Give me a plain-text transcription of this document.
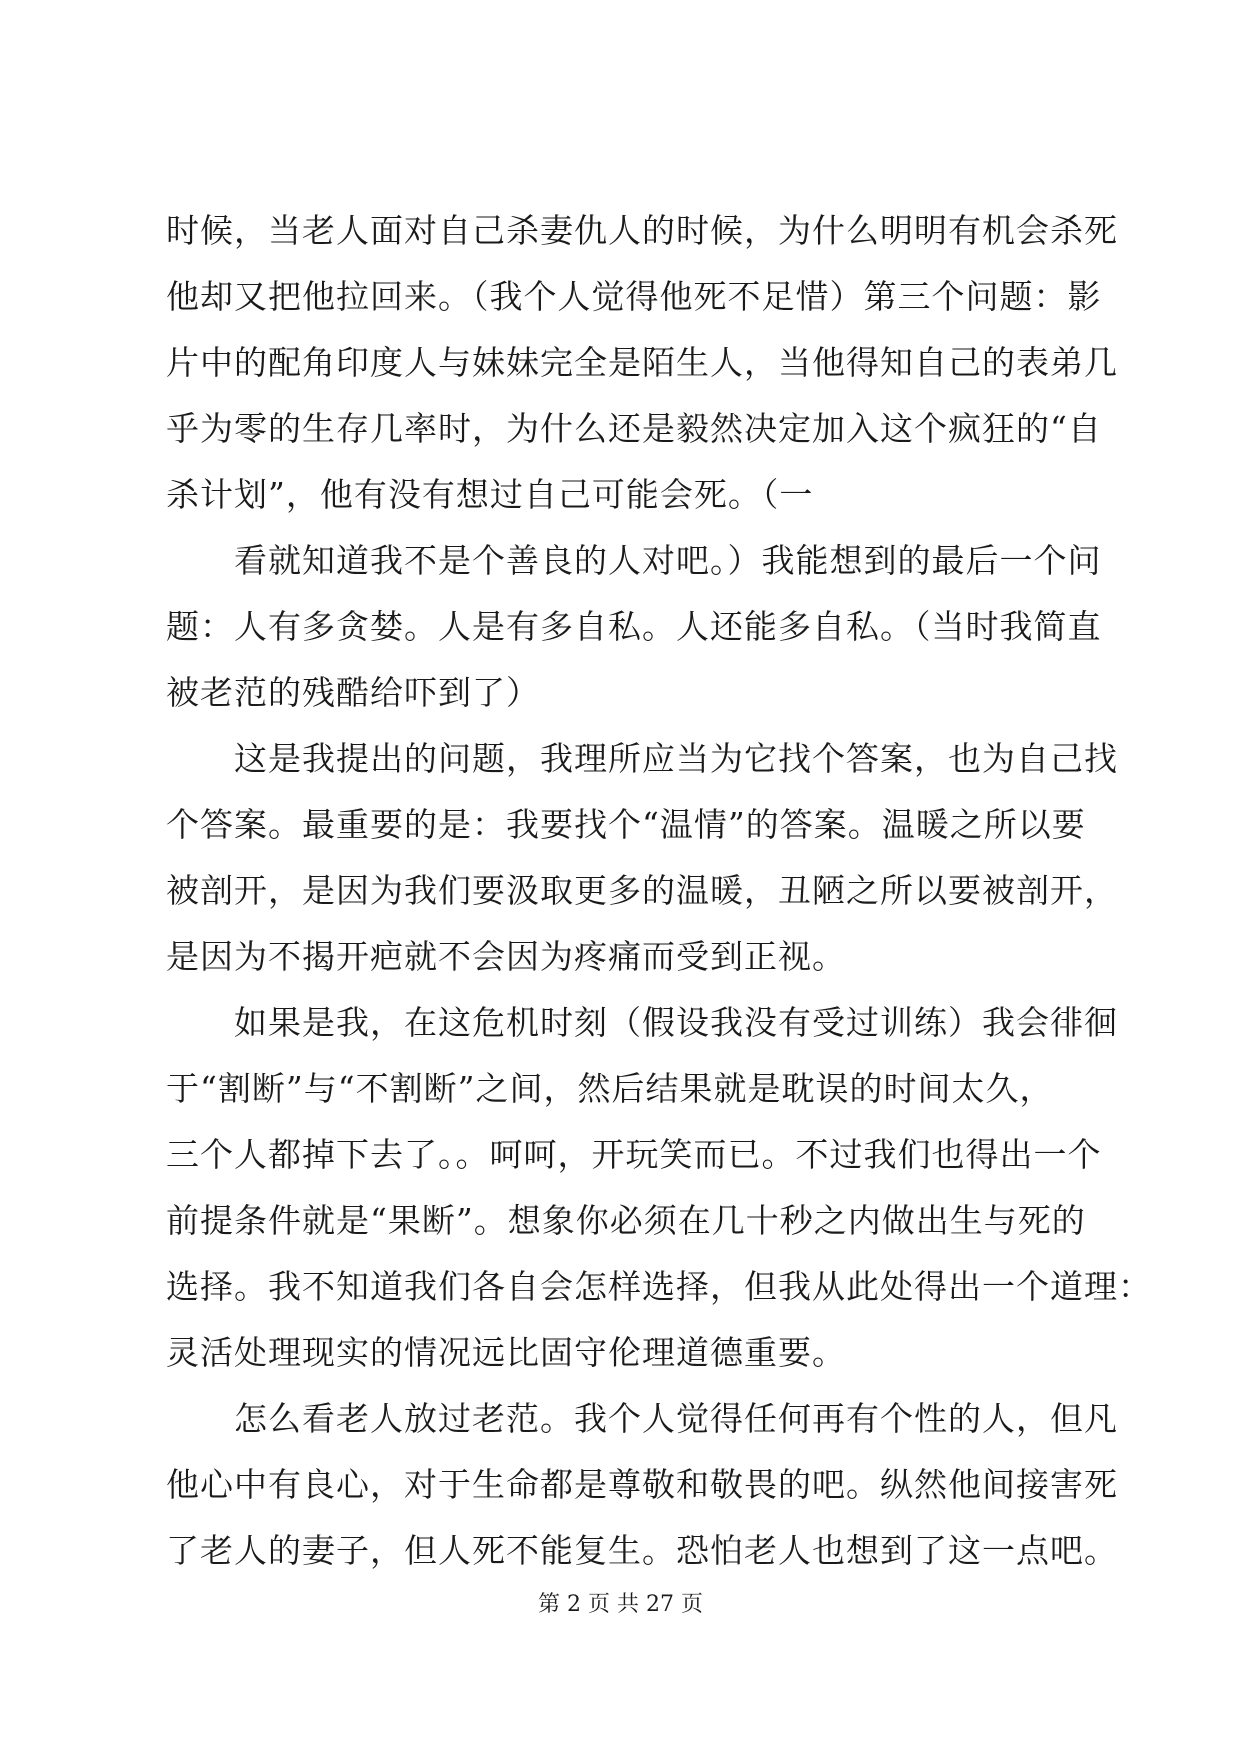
时候，当老人面对自己杀妻仇人的时候，为什么明明有机会杀死
他却又把他拉回来。（我个人觉得他死不足惜）第三个问题：影
片中的配角印度人与妹妹完全是陌生人，当他得知自己的表弟几
乎为零的生存几率时，为什么还是毅然决定加入这个疯狂的“自
杀计划”，他有没有想过自己可能会死。（一
　　看就知道我不是个善良的人对吧。）我能想到的最后一个问
题：人有多贪婪。人是有多自私。人还能多自私。（当时我简直
被老范的残酷给吓到了）
　　这是我提出的问题，我理所应当为它找个答案，也为自己找
个答案。最重要的是：我要找个“温情”的答案。温暖之所以要
被剖开，是因为我们要汲取更多的温暖，丑陋之所以要被剖开，
是因为不揭开疤就不会因为疼痛而受到正视。
　　如果是我，在这危机时刻（假设我没有受过训练）我会徘徊
于“割断”与“不割断”之间，然后结果就是耽误的时间太久，
三个人都掉下去了。。呵呵，开玩笑而已。不过我们也得出一个
前提条件就是“果断”。想象你必须在几十秒之内做出生与死的
选择。我不知道我们各自会怎样选择，但我从此处得出一个道理：
灵活处理现实的情况远比固守伦理道德重要。
　　怎么看老人放过老范。我个人觉得任何再有个性的人，但凡
他心中有良心，对于生命都是尊敬和敬畏的吧。纵然他间接害死
了老人的妻子，但人死不能复生。恐怕老人也想到了这一点吧。
第 2 页 共 27 页
